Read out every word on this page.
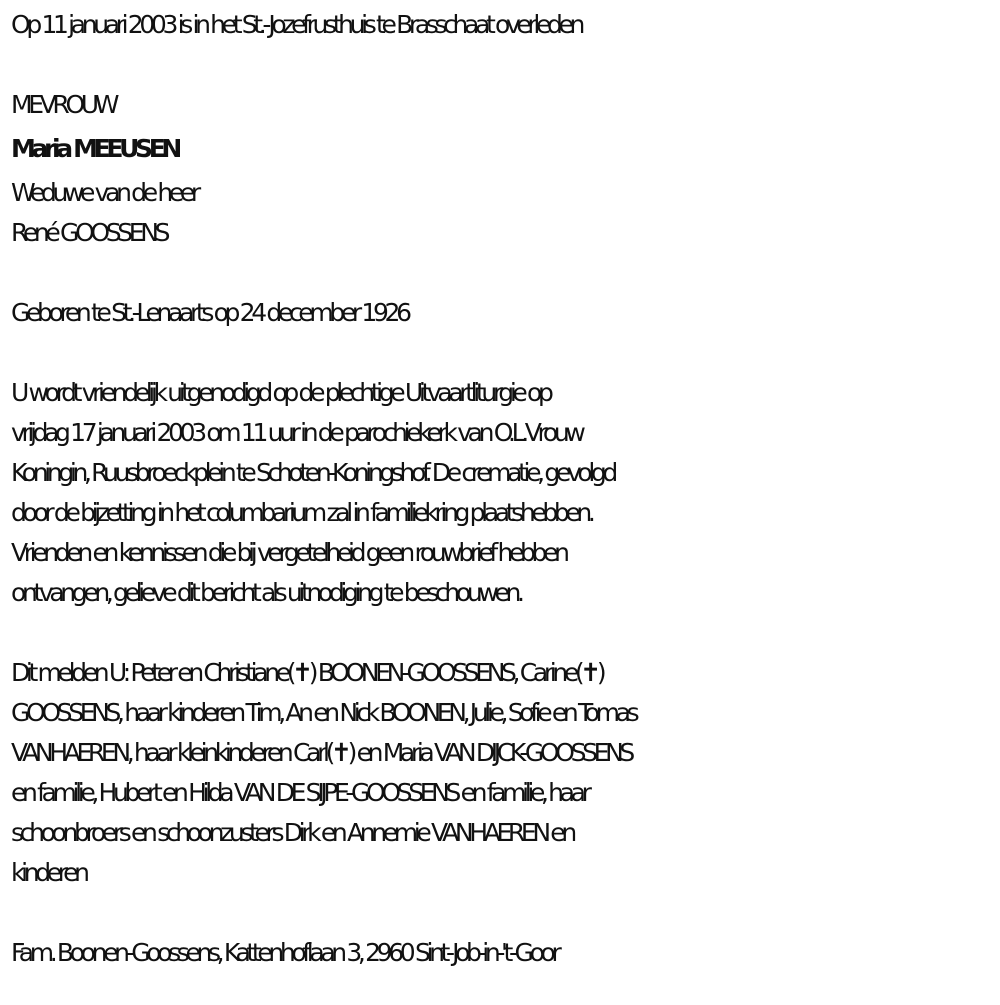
Op 11 januari 2003 is in het St.-Jozefrusthuis te Brasschaat overleden
MEVROUW
Maria MEEUSEN
Weduwe van de heer
René GOOSSENS
Geboren te St.-Lenaarts op 24 december 1926
U wordt vriendelijk uitgenodigd op de plechtige Uitvaartliturgie op
vrijdag 17 januari 2003 om 11 uur in de parochiekerk van O.L.Vrouw
Koningin, Ruusbroeckplein te Schoten-Koningshof. De crematie, gevolgd
door de bijzetting in het columbarium zal in familiekring plaatshebben.
Vrienden en kennissen die bij vergetelheid geen rouwbrief hebben
ontvangen, gelieve dit bericht als uitnodiging te beschouwen.
Dit melden U: Peter en Christiane(✝) BOONEN-GOOSSENS, Carine(✝)
GOOSSENS, haar kinderen Tim, An en Nick BOONEN, Julie, Sofie en Tomas
VANHAEREN, haar kleinkinderen Carl(✝) en Maria VAN DIJCK-GOOSSENS
en familie, Hubert en Hilda VAN DE SIJPE-GOOSSENS en familie, haar
schoonbroers en schoonzusters Dirk en Annemie VANHAEREN en
kinderen
Fam. Boonen-Goossens, Kattenhoflaan 3, 2960 Sint-Job-in-'t-Goor
